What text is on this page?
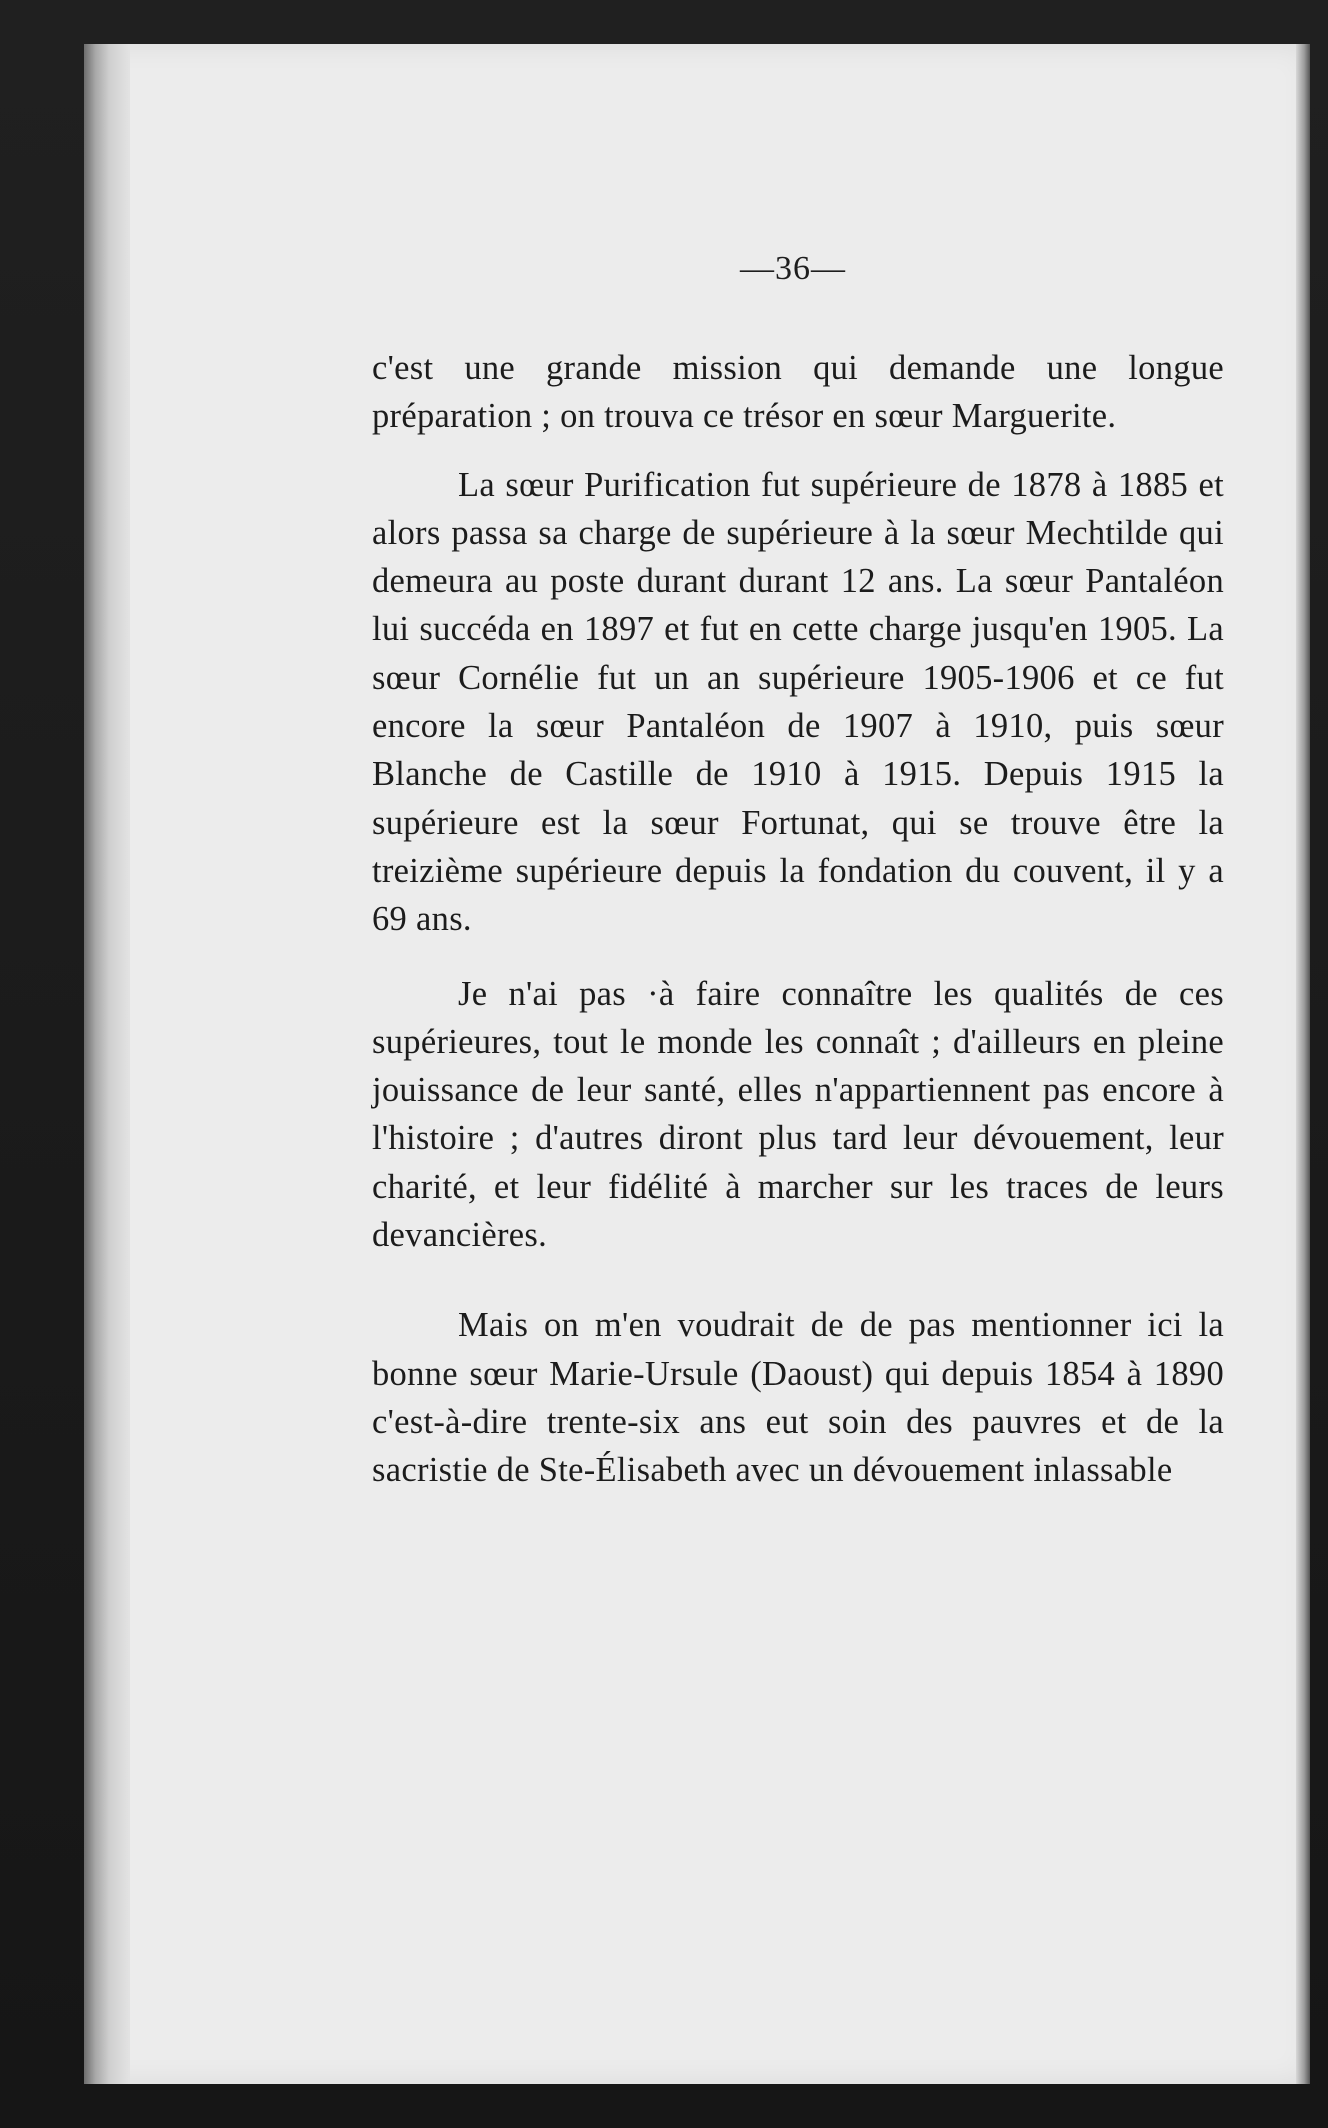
—36—

c'est une grande mission qui demande une longue préparation ; on trouva ce trésor en sœur Marguerite.

La sœur Purification fut supérieure de 1878 à 1885 et alors passa sa charge de supérieure à la sœur Mechtilde qui demeura au poste durant durant 12 ans. La sœur Pantaléon lui succéda en 1897 et fut en cette charge jusqu'en 1905. La sœur Cornélie fut un an supérieure 1905-1906 et ce fut encore la sœur Pantaléon de 1907 à 1910, puis sœur Blanche de Castille de 1910 à 1915. Depuis 1915 la supérieure est la sœur Fortunat, qui se trouve être la treizième supérieure depuis la fondation du couvent, il y a 69 ans.

Je n'ai pas ·à faire connaître les qualités de ces supérieures, tout le monde les connaît ; d'ailleurs en pleine jouissance de leur santé, elles n'appartiennent pas encore à l'histoire ; d'autres diront plus tard leur dévouement, leur charité, et leur fidélité à marcher sur les traces de leurs devancières.

Mais on m'en voudrait de de pas mentionner ici la bonne sœur Marie-Ursule (Daoust) qui depuis 1854 à 1890 c'est-à-dire trente-six ans eut soin des pauvres et de la sacristie de Ste-Élisabeth avec un dévouement inlassable
